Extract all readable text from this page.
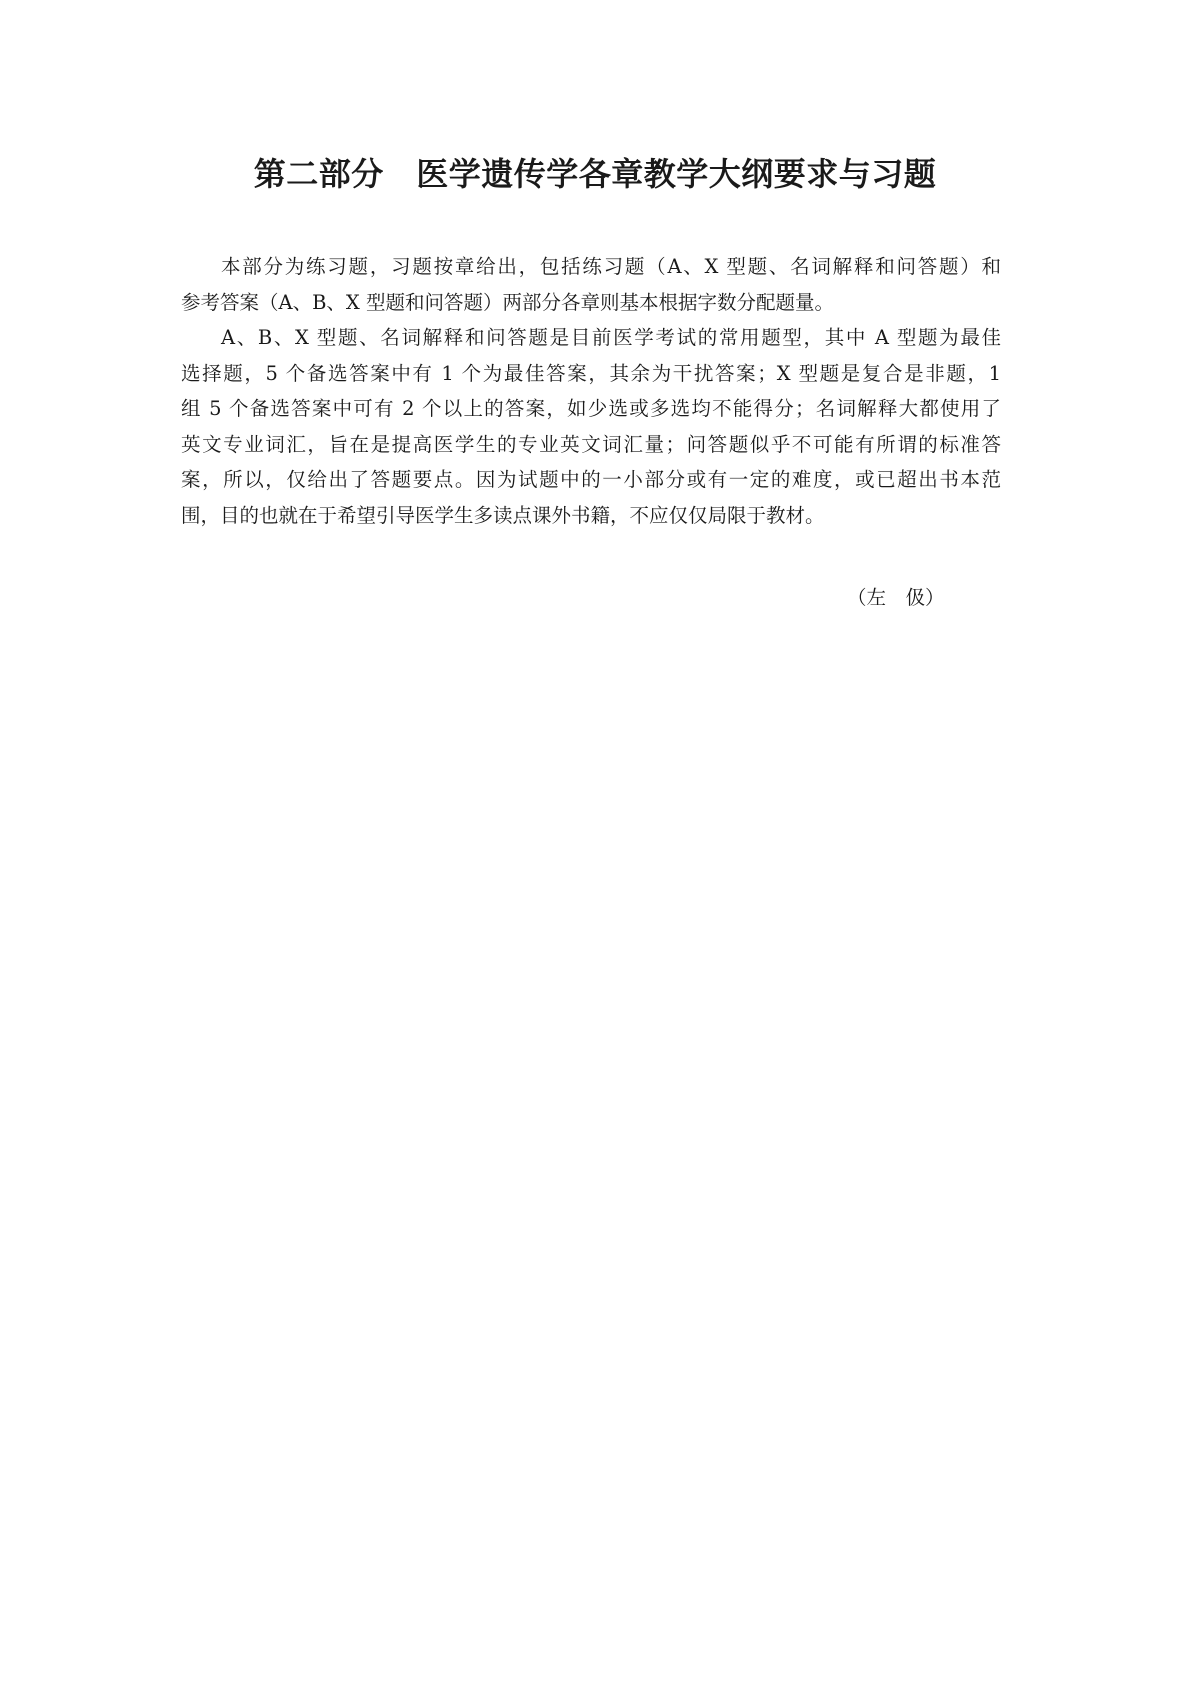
第二部分　医学遗传学各章教学大纲要求与习题

本部分为练习题，习题按章给出，包括练习题（A、X 型题、名词解释和问答题）和

参考答案（A、B、X 型题和问答题）两部分各章则基本根据字数分配题量。

A、B、X 型题、名词解释和问答题是目前医学考试的常用题型，其中 A 型题为最佳

选择题，5 个备选答案中有 1 个为最佳答案，其余为干扰答案；X 型题是复合是非题，1

组 5 个备选答案中可有 2 个以上的答案，如少选或多选均不能得分；名词解释大都使用了

英文专业词汇，旨在是提高医学生的专业英文词汇量；问答题似乎不可能有所谓的标准答

案，所以，仅给出了答题要点。因为试题中的一小部分或有一定的难度，或已超出书本范

围，目的也就在于希望引导医学生多读点课外书籍，不应仅仅局限于教材。

（左　伋）
